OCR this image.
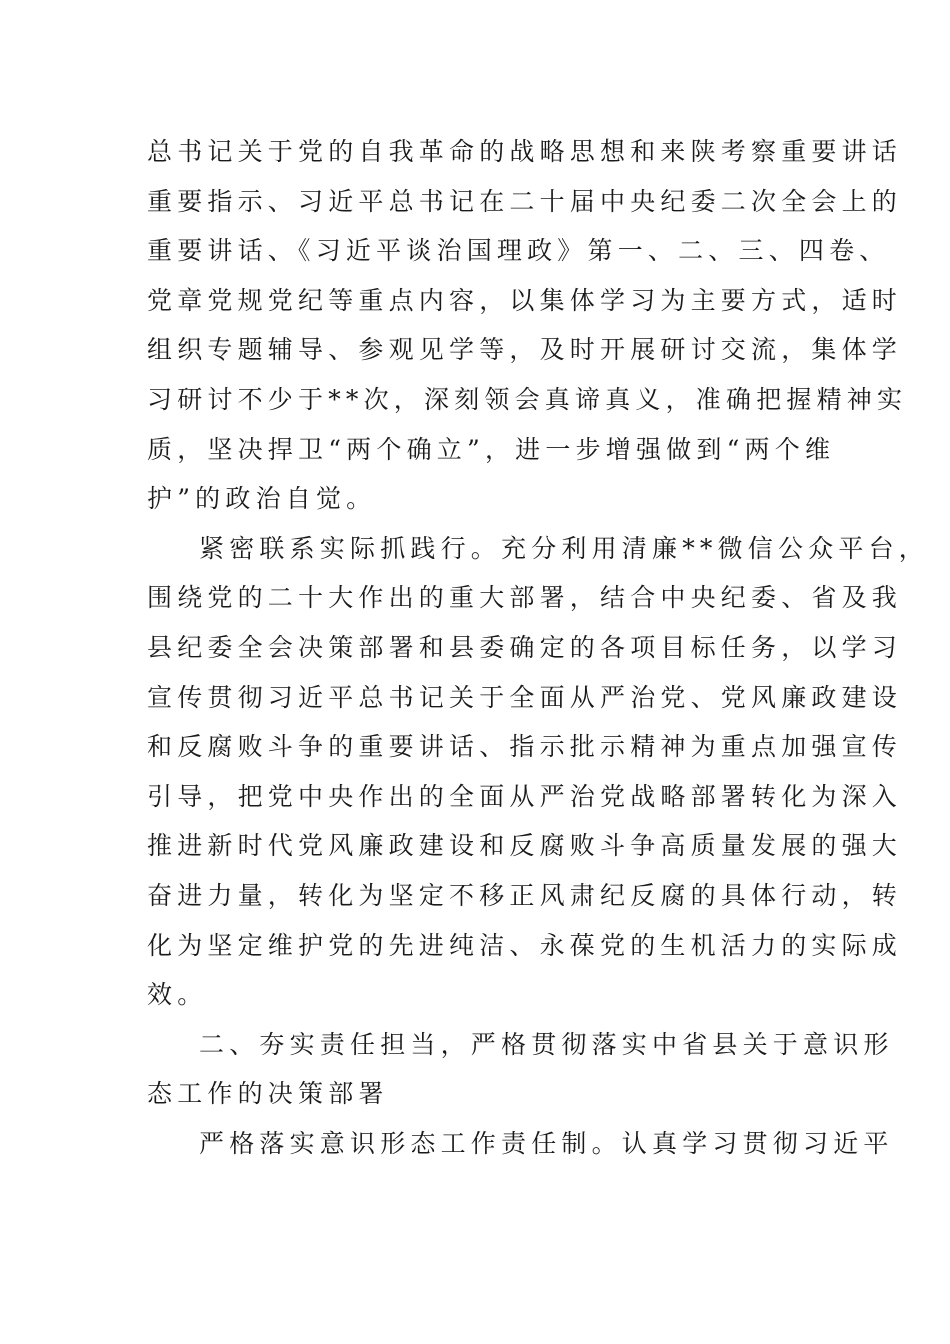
总书记关于党的自我革命的战略思想和来陕考察重要讲话
重要指示、习近平总书记在二十届中央纪委二次全会上的
重要讲话、《习近平谈治国理政》第一、二、三、四卷、
党章党规党纪等重点内容，以集体学习为主要方式，适时
组织专题辅导、参观见学等，及时开展研讨交流，集体学
习研讨不少于**次，深刻领会真谛真义，准确把握精神实
质，坚决捍卫“两个确立”，进一步增强做到“两个维
护”的政治自觉。
紧密联系实际抓践行。充分利用清廉**微信公众平台，
围绕党的二十大作出的重大部署，结合中央纪委、省及我
县纪委全会决策部署和县委确定的各项目标任务，以学习
宣传贯彻习近平总书记关于全面从严治党、党风廉政建设
和反腐败斗争的重要讲话、指示批示精神为重点加强宣传
引导，把党中央作出的全面从严治党战略部署转化为深入
推进新时代党风廉政建设和反腐败斗争高质量发展的强大
奋进力量，转化为坚定不移正风肃纪反腐的具体行动，转
化为坚定维护党的先进纯洁、永葆党的生机活力的实际成
效。
二、夯实责任担当，严格贯彻落实中省县关于意识形
态工作的决策部署
严格落实意识形态工作责任制。认真学习贯彻习近平
